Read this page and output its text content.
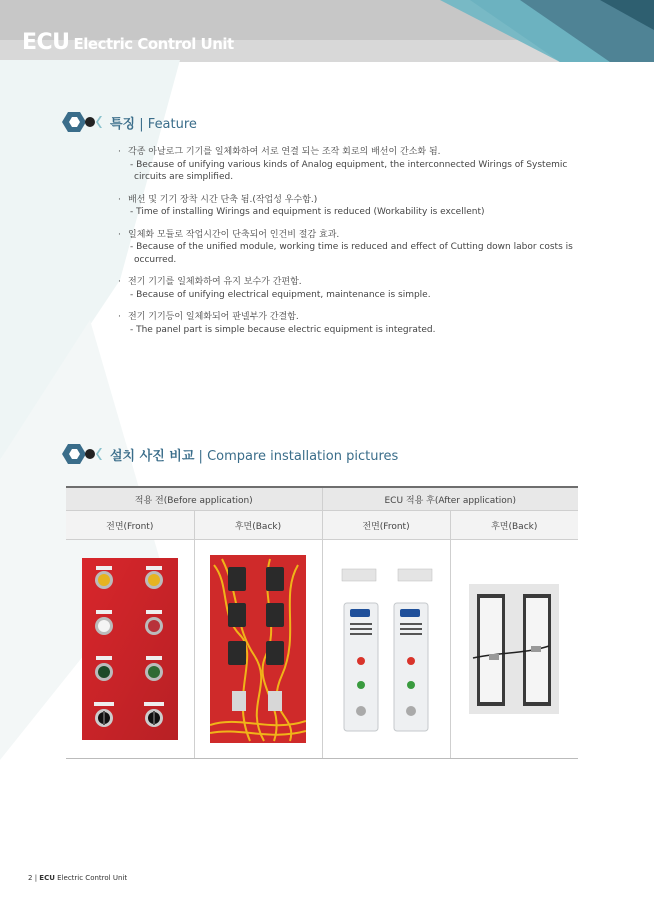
ECU Electric Control Unit
특징 | Feature
· 각종 아날로그 기기를 일체화하여 서로 연결 되는 조작 회로의 배선이 간소화 됨.
- Because of unifying various kinds of Analog equipment, the interconnected Wirings of Systemic circuits are simplified.
· 배선 및 기기 장착 시간 단축 됨.(작업성 우수함.)
- Time of installing Wirings and equipment is reduced (Workability is excellent)
· 일체화 모듈로 작업시간이 단축되어 인건비 절감 효과.
- Because of the unified module, working time is reduced and effect of Cutting down labor costs is occurred.
· 전기 기기를 일체화하여 유지 보수가 간편함.
- Because of unifying electrical equipment, maintenance is simple.
· 전기 기기등이 일체화되어 판넬부가 간결함.
- The panel part is simple because electric equipment is integrated.
설치 사진 비교 | Compare installation pictures
적용 전(Before application)		ECU 적용 후(After application)	
전면(Front)	후면(Back)	전면(Front)	후면(Back)

2 | ECU Electric Control Unit
